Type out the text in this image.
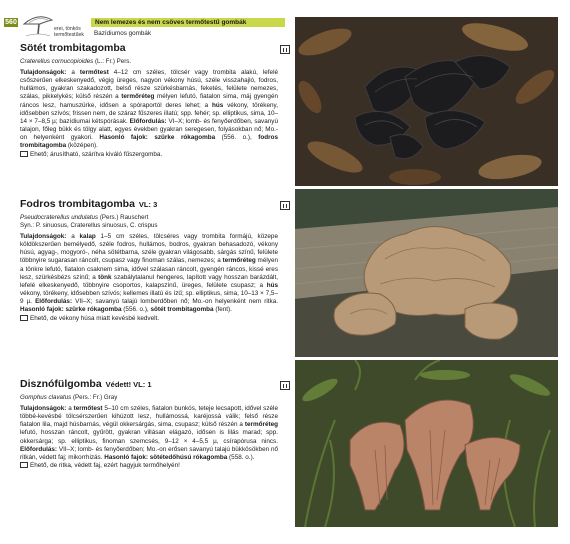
560
erei, tönkös termőtestűek
Nem lemezes és nem csöves termőtestű gombák
Bazídiumos gombák
Sötét trombitagomba
Craterellus cornucopioides (L.: Fr.) Pers.
Tulajdonságok: a termőtest 4–12 cm széles, tölcsér vagy trombita alakú, lefelé csőszerűen elkeskenyedő, végig üreges, nagyon vékony húsú, széle visszahajló, fodros, hullámos, gyakran szakadozott, belső része szürkésbarnás, feketés, felülete nemezes, szálas, pikkelykés; külső részén a termőréteg mélyen lefutó, fiatalon sima, máj gyengén ráncos lesz, hamuszürke, idősen a spóraportól deres lehet; a hús vékony, törékeny, idősebben szívós; frissen nem, de száraz fűszeres illatú; spp. fehér; sp. elliptikus, sima, 10–14 × 7–8,5 µ; bazídiumai kétspórásak. Előfordulás: VI–X; lomb- és fenyőerdőben, savanyú talajon, főleg bükk és tölgy alatt, egyes években gyakran seregesen, folyásokban nő; Mo.-on helyenként gyakori. Hasonló fajok: szürke rókagomba (556. o.), fodros trombitagomba (középen).
Ehető; árusítható, szárítva kiváló fűszergomba.
Fodros trombitagomba VL: 3
Pseudocraterellus undulatus (Pers.) Rauschert
Syn.: P. sinuosus, Craterellus sinuosus, C. crispus
Tulajdonságok: a kalap 1–5 cm széles, tölcséres vagy trombita formájú, közepe köldökszerűen bemélyedő, széle fodros, hullámos, bodros, gyakran behasadozó, vékony húsú, agyag-, mogyoró-, néha sötétbarna, széle gyakran világosabb, sárgás színű, felülete többnyire sugarasan ráncolt, csupasz vagy finoman szálas, nemezes; a termőréteg mélyen a tönkre lefutó, fiatalon csaknem sima, idővel szálasan ráncolt, gyengén ráncos, kissé eres lesz, szürkésbézs színű; a tönk szabálytalanul hengeres, lapított vagy hosszan barázdált, lefelé elkeskenyedő, többnyire csoportos, kalapszínű, üreges, felülete csupasz; a hús vékony, törékeny, idősebben szívós; kellemes illatú és ízű; sp. elliptikus, sima, 10–13 × 7,5–9 µ. Előfordulás: VII–X; savanyú talajú lomberdőben nő; Mo.-on helyenként nem ritka. Hasonló fajok: szürke rókagomba (556. o.), sötét trombitagomba (fent).
Ehető, de vékony húsa miatt kevésbé kedvelt.
Disznófülgomba Védett! VL: 1
Gomphus clavatus (Pers.: Fr.) Gray
Tulajdonságok: a termőtest 5–10 cm széles, fiatalon bunkós, teteje lecsapott, idővel széle többé-kevésbé tölcsérszerűen kihúzott lesz, hullámossá, karéjossá válik; felső része fiatalon lila, majd húsbarnás, végül okkersárgás, sima, csupasz; külső részén a termőréteg lefutó, hosszan ráncolt, gyűrött, gyakran villásan elágazó, idősen is lilás marad; spp. okkersárga; sp. elliptikus, finoman szemcsés, 9–12 × 4–5,5 µ, csírapórusa nincs. Előfordulás: VII–X; lomb- és fenyőerdőben; Mo.-on erősen savanyú talajú bükkösökben nő ritkán, védett faj; mikorrhizás. Hasonló fajok: sötétedőhúsú rókagomba (558. o.).
Ehető, de ritka, védett faj, ezért hagyjuk termőhelyén!
